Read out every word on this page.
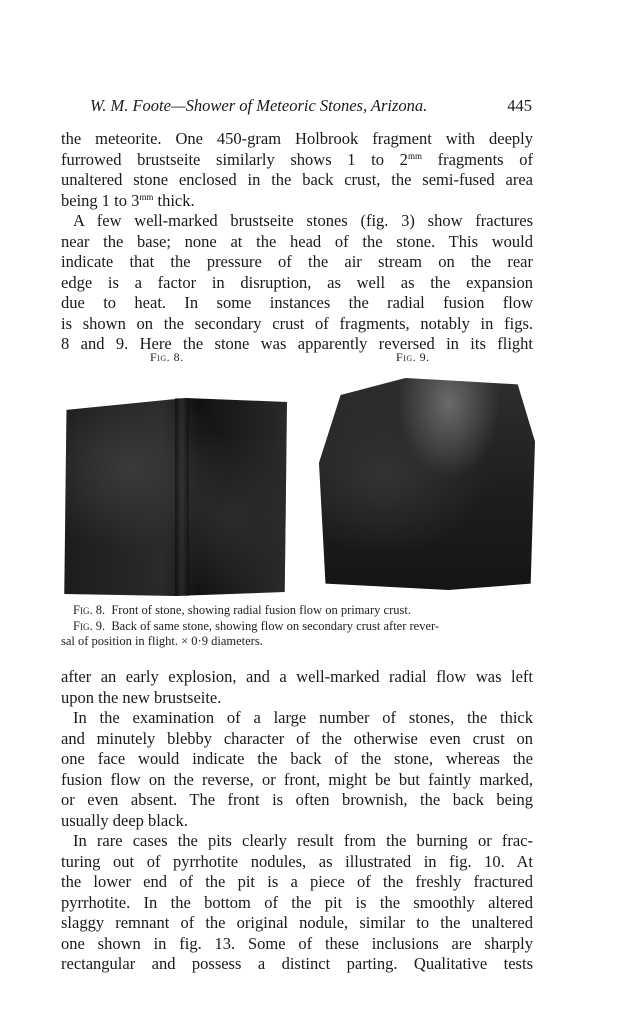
W. M. Foote—Shower of Meteoric Stones, Arizona.	445

the meteorite. One 450-gram Holbrook fragment with deeply
furrowed brustseite similarly shows 1 to $2^{mm}$ fragments of
unaltered stone enclosed in the back crust, the semi-fused area
being 1 to $3^{mm}$ thick.

A few well-marked brustseite stones (fig. 3) show fractures
near the base; none at the head of the stone. This would
indicate that the pressure of the air stream on the rear
edge is a factor in disruption, as well as the expansion
due to heat. In some instances the radial fusion flow
is shown on the secondary crust of fragments, notably in figs.
8 and 9. Here the stone was apparently reversed in its flight

Fig. 8.	Fig. 9.

Fig. 8. Front of stone, showing radial fusion flow on primary crust.
Fig. 9. Back of same stone, showing flow on secondary crust after rever-
sal of position in flight. × 0·9 diameters.

after an early explosion, and a well-marked radial flow was left
upon the new brustseite.

In the examination of a large number of stones, the thick
and minutely blebby character of the otherwise even crust on
one face would indicate the back of the stone, whereas the
fusion flow on the reverse, or front, might be but faintly marked,
or even absent. The front is often brownish, the back being
usually deep black.

In rare cases the pits clearly result from the burning or frac-
turing out of pyrrhotite nodules, as illustrated in fig. 10. At
the lower end of the pit is a piece of the freshly fractured
pyrrhotite. In the bottom of the pit is the smoothly altered
slaggy remnant of the original nodule, similar to the unaltered
one shown in fig. 13. Some of these inclusions are sharply
rectangular and possess a distinct parting. Qualitative tests
